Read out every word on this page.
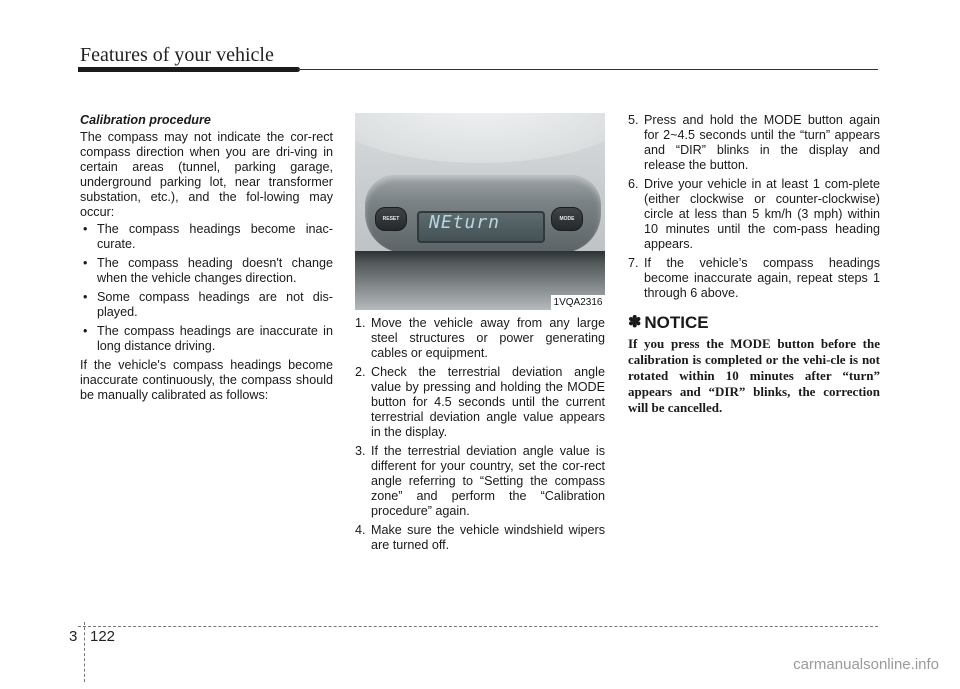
Features of your vehicle
Calibration procedure

The compass may not indicate the cor-rect compass direction when you are dri-ving in certain areas (tunnel, parking garage, underground parking lot, near transformer substation, etc.), and the fol-lowing may occur:

• The compass headings become inac-curate.
• The compass heading doesn't change when the vehicle changes direction.
• Some compass headings are not dis-played.
• The compass headings are inaccurate in long distance driving.

If the vehicle's compass headings become inaccurate continuously, the compass should be manually calibrated as follows:

RESET	NEturn	MODE
1VQA2316
1. Move the vehicle away from any large steel structures or power generating cables or equipment.
2. Check the terrestrial deviation angle value by pressing and holding the MODE button for 4.5 seconds until the current terrestrial deviation angle value appears in the display.
3. If the terrestrial deviation angle value is different for your country, set the cor-rect angle referring to “Setting the compass zone” and perform the “Calibration procedure” again.
4. Make sure the vehicle windshield wipers are turned off.
5. Press and hold the MODE button again for 2~4.5 seconds until the “turn” appears and “DIR” blinks in the display and release the button.
6. Drive your vehicle in at least 1 com-plete (either clockwise or counter-clockwise) circle at less than 5 km/h (3 mph) within 10 minutes until the com-pass heading appears.
7. If the vehicle’s compass headings become inaccurate again, repeat steps 1 through 6 above.
✽ NOTICE

If you press the MODE button before the calibration is completed or the vehi-cle is not rotated within 10 minutes after “turn” appears and “DIR” blinks, the correction will be cancelled.

3 122
carmanualsonline.info
